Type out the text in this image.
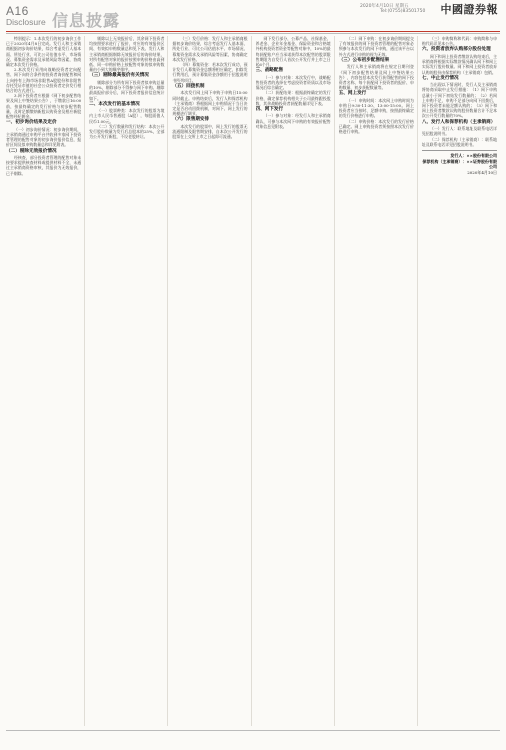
A16
Disclosure 信息披露
2020年4月10日 星期五
Tel:(0755)83501750 中國證券報

特别提示：1.本次发行的初步询价工作已于2020年4月8日完成。发行人和主承销商根据初步询价结果，综合考虑发行人基本面、所处行业、可比公司估值水平、市场情况、募集资金需求及承销风险等因素，协商确定本次发行价格。

2.本次发行采用向战略投资者定向配售、网下向符合条件的投资者询价配售和网上向持有上海市场非限售A股股份和非限售存托凭证市值的社会公众投资者定价发行相结合的方式进行。

3.网下投资者应根据《网下初步配售结果及网上中签结果公告》，于缴款日16:00前，按最终确定的发行价格与初步配售数量，及时足额缴纳新股认购资金及相应新股配售经纪佣金。

一、初步询价结果及定价

（一）初步询价情况：初步询价期间，主承销商通过申购平台共收到多家网下投资者管理的配售对象的初步询价报价信息，报价区间及拟申购数量总和详见附表。

（二）剔除无效报价情况

经核查，部分投资者管理的配售对象未按要求提供核查材料或提供材料不全，未通过主承销商资格审核，其报价为无效报价，已予剔除。

剔除以上无效报价后，其余网下投资者均按照要求进行了报价，对应的有效报价区间、有效拟申购数量总和见下表。发行人和主承销商根据剔除无效报价后的询价结果，对所有配售对象的报价按照申购价格由高到低、同一申购价格上按配售对象的拟申购数量由小到大的顺序排序。

（三）剔除最高报价有关情况

剔除部分为所有网下投资者拟申购总量的10%，剔除部分不得参与网下申购。剔除最高报价部分后，网下投资者报价信息统计如下。

二、本次发行的基本情况

（一）股票种类：本次发行的股票为境内上市人民币普通股（A股），每股面值人民币1.00元。

（二）发行数量和发行结构：本次公开发行股份数量为发行后总股本的25%，全部为公开发行新股，不设老股转让。

（三）发行价格：发行人和主承销商根据初步询价结果，综合考虑发行人基本面、所处行业、可比公司估值水平、市场情况、募集资金需求及承销风险等因素，协商确定本次发行价格。

（四）募集资金：若本次发行成功，预计发行人募集资金总额将相应确定，扣除发行费用后，预计募集资金净额用于招股说明书所列项目。

（五）回拨机制

本次发行网上网下申购于申购日15:00同时截止。申购结束后，发行人和保荐机构（主承销商）将根据网上申购情况于当日决定是否启动回拨机制，对网下、网上发行的规模进行调节。

（六）限售期安排

本次发行的股票中，网上发行的股票无流通限制及限售期安排，自本次公开发行的股票在上交所上市之日起即可流通。

网下发行部分，公募产品、社保基金、养老金、企业年金基金、保险资金和合格境外机构投资者资金等配售对象中，10%的最终获配账户应当承诺获得本次配售的股票限售期限为自发行人首次公开发行并上市之日起6个月。

三、战略配售

（一）参与对象：本次发行中，战略配售投资者的选择在考虑投资者资质以及市场情况后综合确定。

（二）获配结果：根据最终确定的发行价格，确定保荐机构相关子公司最终跟投股数，其余战略投资者获配数量详见下表。

四、网下发行

（一）参与对象：经发行人和主承销商确认，可参与本次网下申购的有效报价配售对象信息见附表。

（二）网下申购：在初步询价期间提交了有效报价的网下投资者管理的配售对象必须参与本次发行的网下申购，通过该平台以外方式进行申购的视为无效。

（三）公布初步配售结果

发行人和主承销商将在规定日期刊登《网下初步配售结果及网上中签结果公告》，内容包括本次发行获得配售的网下投资者名称、每个获配网下投资者的报价、申购数量、初步获配数量等。

五、网上发行

（一）申购时间：本次网上申购时间为申购日9:30-11:30、13:00-15:00。网上投资者应当按时、足额申购，按照最终确定的发行价格进行申购。

（二）申购价格：本次发行的发行价格已确定。网上申购投资者须按照本次发行价格进行申购。

（三）申购简称和代码：申购简称与申购代码详见本公告。

六、投资者放弃认购部分股份处理

网下和网上投资者缴款认购结束后，主承销商将根据实际缴款情况确认网下和网上实际发行股份数量。网下和网上投资者放弃认购的股份由保荐机构（主承销商）包销。

七、中止发行情况

当出现以下情况时，发行人及主承销商将协商采取中止发行措施：（1）网下申购总量小于网下初始发行数量的；（2）若网上申购不足，申购不足部分向网下回拨后，网下投资者未能足额认购的；（3）网下和网上投资者缴款认购的股份数量合计不足本次公开发行数量的70%。

八、发行人和保荐机构（主承销商）

（一）发行人：联系地址及联系电话详见招股说明书。

（二）保荐机构（主承销商）：联系地址及联系电话详见招股说明书。

发行人：××股份有限公司

保荐机构（主承销商）：××证券股份有限公司

2020年4月10日
